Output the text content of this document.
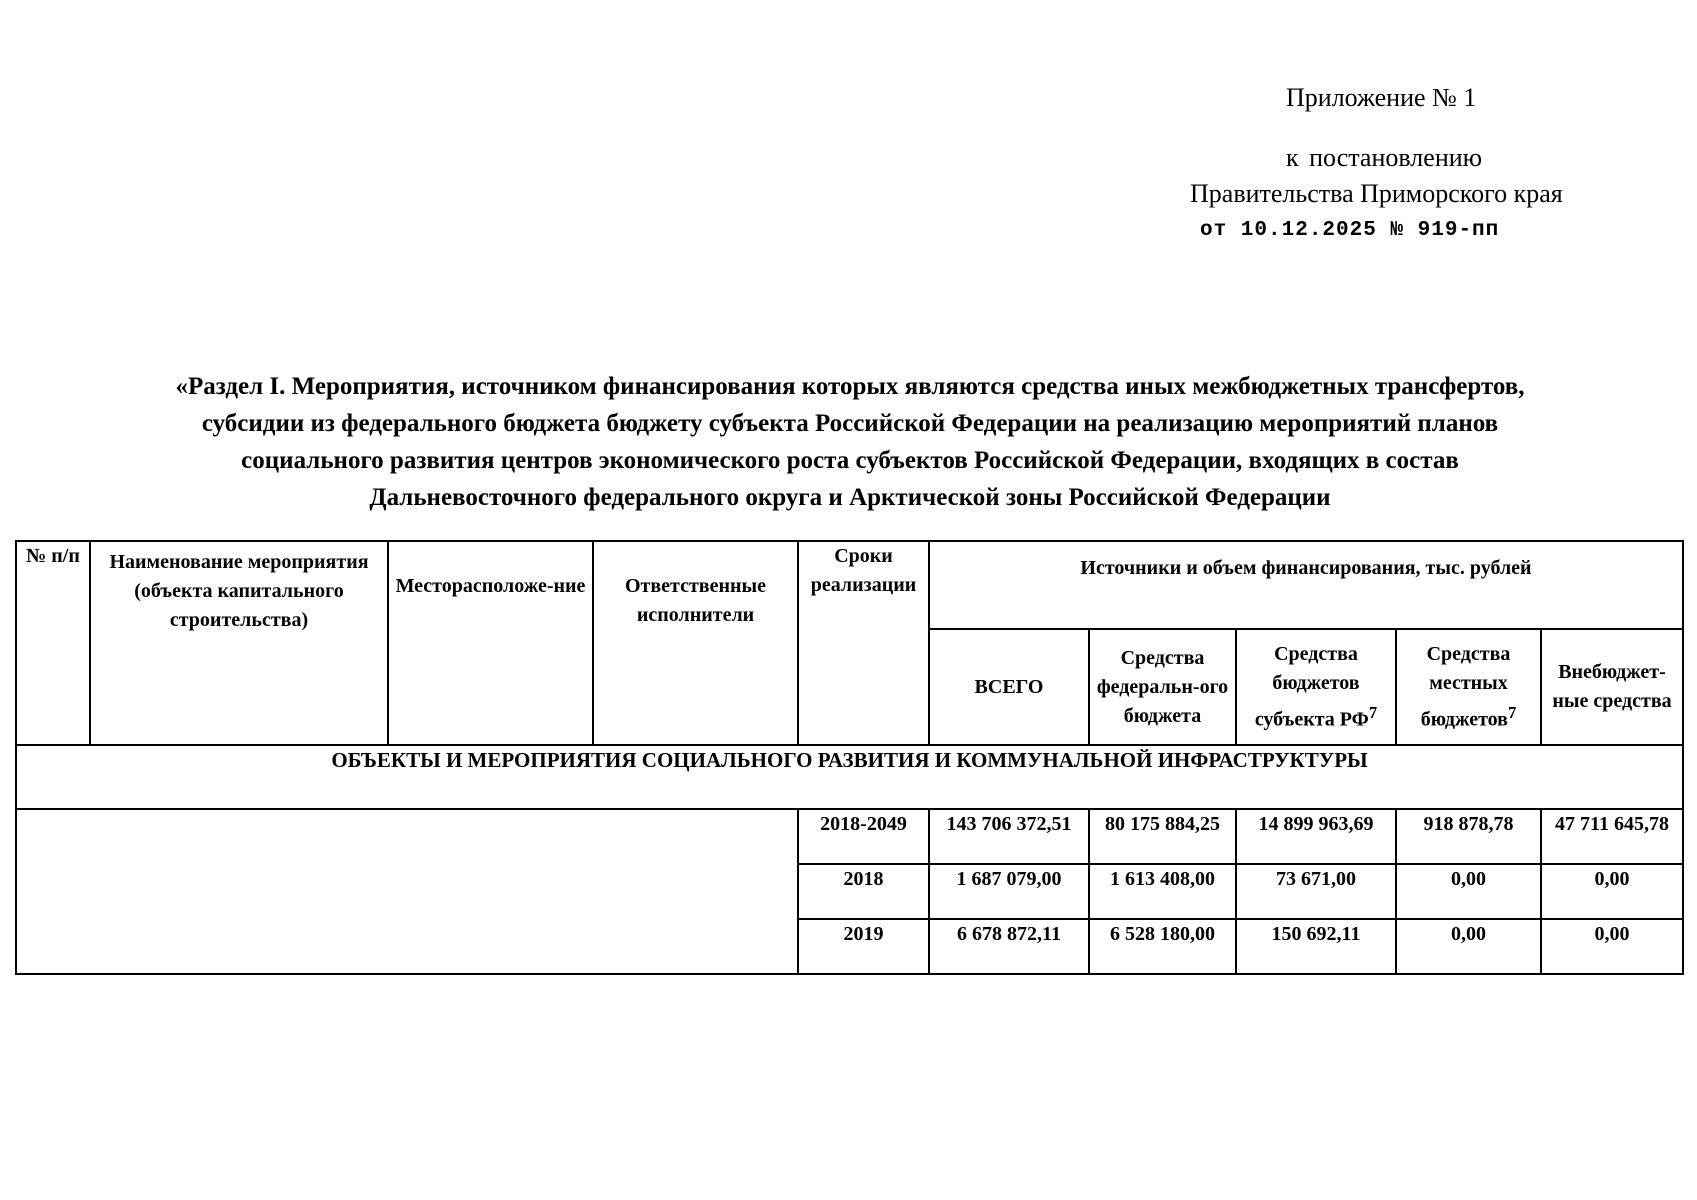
Приложение № 1
к постановлению
Правительства Приморского края
от 10.12.2025 № 919-пп
«Раздел I. Мероприятия, источником финансирования которых являются средства иных межбюджетных трансфертов,
субсидии из федерального бюджета бюджету субъекта Российской Федерации на реализацию мероприятий планов
социального развития центров экономического роста субъектов Российской Федерации, входящих в состав
Дальневосточного федерального округа и Арктической зоны Российской Федерации
№ п/п	Наименование мероприятия (объекта капитального строительства)	Месторасположе-ние	Ответственные исполнители	Сроки реализации	Источники и объем финансирования, тыс. рублей				
					ВСЕГО	Средства федеральн-ого бюджета	Средства бюджетов субъекта $РФ^7$	Средства местных бюджетов$^7$	Внебюджет-ные средства
ОБЪЕКТЫ И МЕРОПРИЯТИЯ СОЦИАЛЬНОГО РАЗВИТИЯ И КОММУНАЛЬНОЙ ИНФРАСТРУКТУРЫ									
				2018-2049	143 706 372,51	80 175 884,25	14 899 963,69	918 878,78	47 711 645,78
				2018	1 687 079,00	1 613 408,00	73 671,00	0,00	0,00
				2019	6 678 872,11	6 528 180,00	150 692,11	0,00	0,00
